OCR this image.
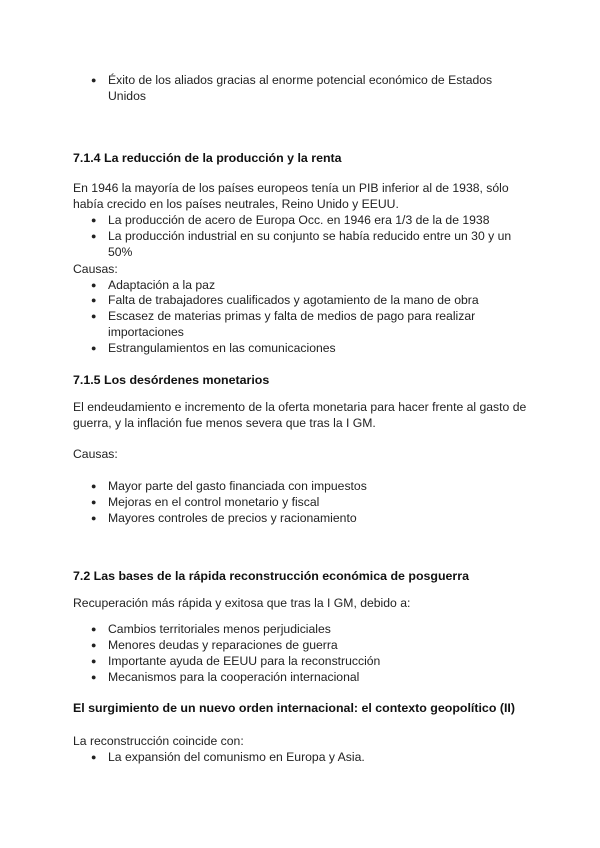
● Éxito de los aliados gracias al enorme potencial económico de Estados Unidos
7.1.4 La reducción de la producción y la renta

En 1946 la mayoría de los países europeos tenía un PIB inferior al de 1938, sólo había crecido en los países neutrales, Reino Unido y EEUU.

● La producción de acero de Europa Occ. en 1946 era 1/3 de la de 1938
● La producción industrial en su conjunto se había reducido entre un 30 y un 50%

Causas:

● Adaptación a la paz
● Falta de trabajadores cualificados y agotamiento de la mano de obra
● Escasez de materias primas y falta de medios de pago para realizar importaciones
● Estrangulamientos en las comunicaciones
7.1.5 Los desórdenes monetarios

El endeudamiento e incremento de la oferta monetaria para hacer frente al gasto de guerra, y la inflación fue menos severa que tras la I GM.

Causas:

● Mayor parte del gasto financiada con impuestos
● Mejoras en el control monetario y fiscal
● Mayores controles de precios y racionamiento
7.2 Las bases de la rápida reconstrucción económica de posguerra

Recuperación más rápida y exitosa que tras la I GM, debido a:

● Cambios territoriales menos perjudiciales
● Menores deudas y reparaciones de guerra
● Importante ayuda de EEUU para la reconstrucción
● Mecanismos para la cooperación internacional
El surgimiento de un nuevo orden internacional: el contexto geopolítico (II)

La reconstrucción coincide con:

● La expansión del comunismo en Europa y Asia.
